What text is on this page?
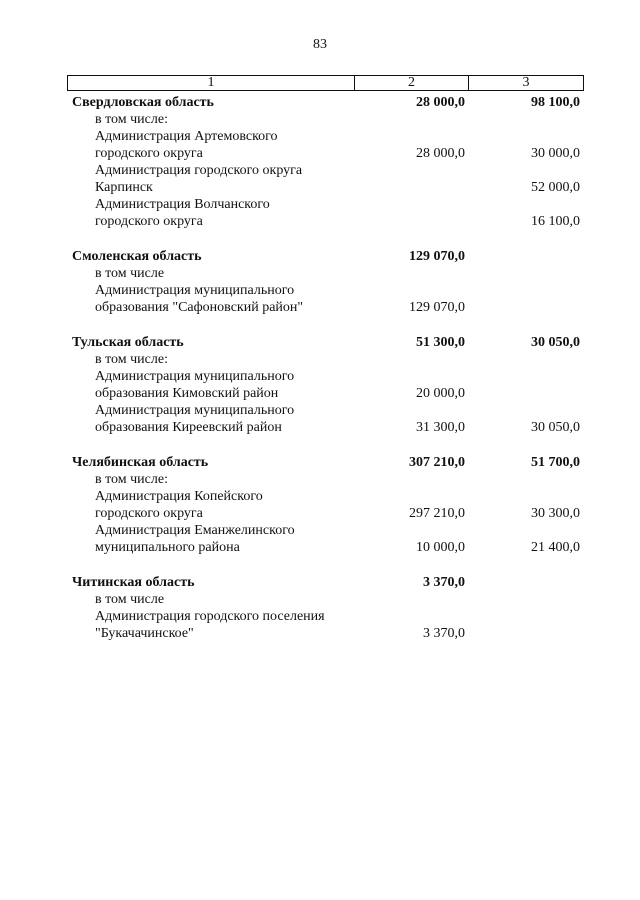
83
1	2	3
Свердловская область	28 000,0	98 100,0
в том числе:		
Администрация Артемовского		
городского округа	28 000,0	30 000,0
Администрация городского округа		
Карпинск		52 000,0
Администрация Волчанского		
городского округа		16 100,0

Смоленская область	129 070,0	
в том числе		
Администрация муниципального		
образования "Сафоновский район"	129 070,0	

Тульская область	51 300,0	30 050,0
в том числе:		
Администрация муниципального		
образования Кимовский район	20 000,0	
Администрация муниципального		
образования Киреевский район	31 300,0	30 050,0

Челябинская область	307 210,0	51 700,0
в том числе:		
Администрация Копейского		
городского округа	297 210,0	30 300,0
Администрация Еманжелинского		
муниципального района	10 000,0	21 400,0

Читинская область	3 370,0	
в том числе		
Администрация городского поселения		
"Букачачинское"	3 370,0	
